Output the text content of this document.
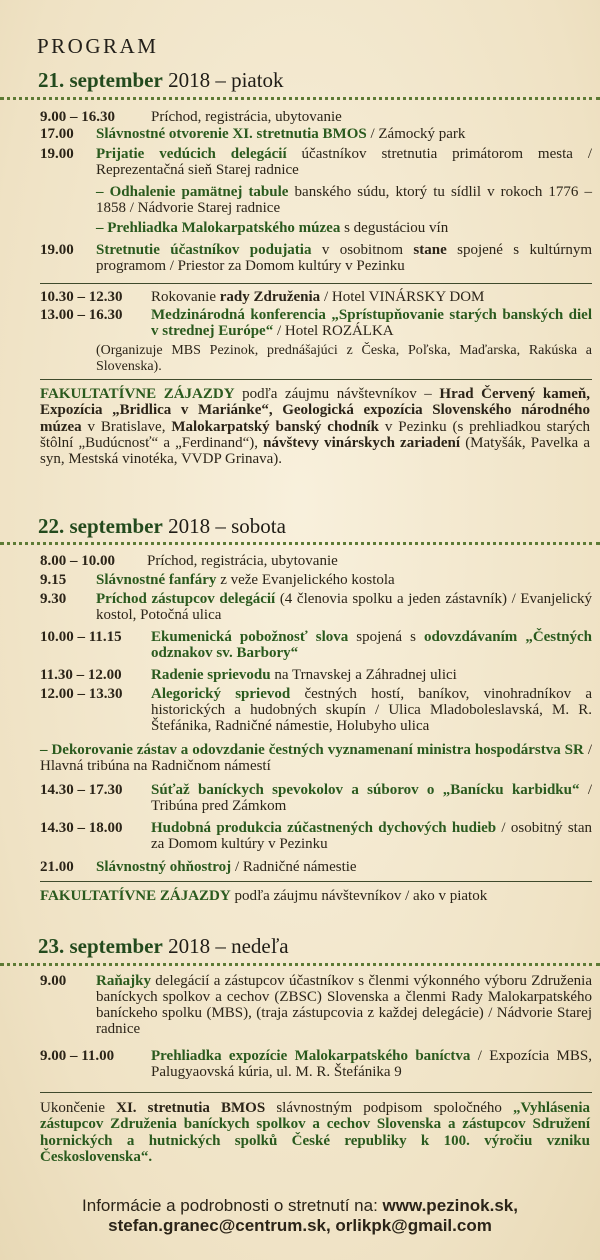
PROGRAM
21. september 2018 – piatok
9.00 – 16.30 Príchod, registrácia, ubytovanie
17.00 Slávnostné otvorenie XI. stretnutia BMOS / Zámocký park
19.00 Prijatie vedúcich delegácií účastníkov stretnutia primátorom mesta / Reprezentačná sieň Starej radnice
– Odhalenie pamätnej tabule banského súdu, ktorý tu sídlil v rokoch 1776 – 1858 / Nádvorie Starej radnice
– Prehliadka Malokarpatského múzea s degustáciou vín
19.00 Stretnutie účastníkov podujatia v osobitnom stane spojené s kultúrnym programom / Priestor za Domom kultúry v Pezinku
10.30 – 12.30 Rokovanie rady Združenia / Hotel VINÁRSKY DOM
13.00 – 16.30 Medzinárodná konferencia „Sprístupňovanie starých banských diel v strednej Európe“ / Hotel ROZÁLKA
(Organizuje MBS Pezinok, prednášajúci z Česka, Poľska, Maďarska, Rakúska a Slovenska).
FAKULTATÍVNE ZÁJAZDY podľa záujmu návštevníkov – Hrad Červený kameň, Expozícia „Bridlica v Mariánke“, Geologická expozícia Slovenského národného múzea v Bratislave, Malokarpatský banský chodník v Pezinku (s prehliadkou starých štôlní „Budúcnosť“ a „Ferdinand“), návštevy vinárskych zariadení (Matyšák, Pavelka a syn, Mestská vinotéka, VVDP Grinava).
22. september 2018 – sobota
8.00 – 10.00 Príchod, registrácia, ubytovanie
9.15 Slávnostné fanfáry z veže Evanjelického kostola
9.30 Príchod zástupcov delegácií (4 členovia spolku a jeden zástavník) / Evanjelický kostol, Potočná ulica
10.00 – 11.15 Ekumenická pobožnosť slova spojená s odovzdávaním „Čestných odznakov sv. Barbory“
11.30 – 12.00 Radenie sprievodu na Trnavskej a Záhradnej ulici
12.00 – 13.30 Alegorický sprievod čestných hostí, baníkov, vinohradníkov a historických a hudobných skupín / Ulica Mladoboleslavská, M. R. Štefánika, Radničné námestie, Holubyho ulica
– Dekorovanie zástav a odovzdanie čestných vyznamenaní ministra hospodárstva SR / Hlavná tribúna na Radničnom námestí
14.30 – 17.30 Súťaž baníckych spevokolov a súborov o „Banícku karbidku“ / Tribúna pred Zámkom
14.30 – 18.00 Hudobná produkcia zúčastnených dychových hudieb / osobitný stan za Domom kultúry v Pezinku
21.00 Slávnostný ohňostroj / Radničné námestie
FAKULTATÍVNE ZÁJAZDY podľa záujmu návštevníkov / ako v piatok
23. september 2018 – nedeľa
9.00 Raňajky delegácií a zástupcov účastníkov s členmi výkonného výboru Združenia baníckych spolkov a cechov (ZBSC) Slovenska a členmi Rady Malokarpatského baníckeho spolku (MBS), (traja zástupcovia z každej delegácie) / Nádvorie Starej radnice
9.00 – 11.00 Prehliadka expozície Malokarpatského baníctva / Expozícia MBS, Palugyaovská kúria, ul. M. R. Štefánika 9
Ukončenie XI. stretnutia BMOS slávnostným podpisom spoločného „Vyhlásenia zástupcov Združenia baníckych spolkov a cechov Slovenska a zástupcov Sdružení hornických a hutnických spolků České republiky k 100. výročiu vzniku Československa“.
Informácie a podrobnosti o stretnutí na: www.pezinok.sk,
stefan.granec@centrum.sk, orlikpk@gmail.com
